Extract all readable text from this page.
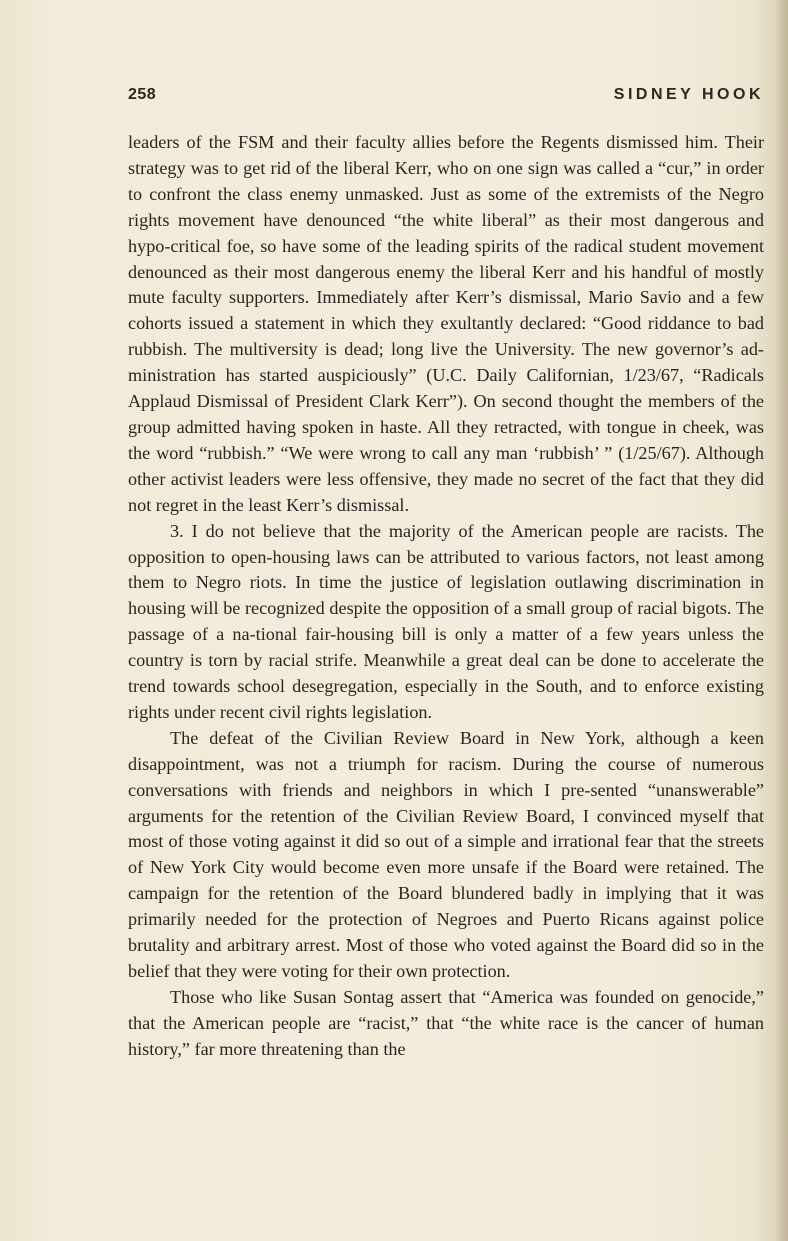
258	SIDNEY HOOK

leaders of the FSM and their faculty allies before the Regents dismissed him. Their strategy was to get rid of the liberal Kerr, who on one sign was called a “cur,” in order to confront the class enemy unmasked. Just as some of the extremists of the Negro rights movement have denounced “the white liberal” as their most dangerous and hypo-critical foe, so have some of the leading spirits of the radical student movement denounced as their most dangerous enemy the liberal Kerr and his handful of mostly mute faculty supporters. Immediately after Kerr’s dismissal, Mario Savio and a few cohorts issued a statement in which they exultantly declared: “Good riddance to bad rubbish. The multiversity is dead; long live the University. The new governor’s ad-ministration has started auspiciously” (U.C. Daily Californian, 1/23/67, “Radicals Applaud Dismissal of President Clark Kerr”). On second thought the members of the group admitted having spoken in haste. All they retracted, with tongue in cheek, was the word “rubbish.” “We were wrong to call any man ‘rubbish’ ” (1/25/67). Although other activist leaders were less offensive, they made no secret of the fact that they did not regret in the least Kerr’s dismissal.

3. I do not believe that the majority of the American people are racists. The opposition to open-housing laws can be attributed to various factors, not least among them to Negro riots. In time the justice of legislation outlawing discrimination in housing will be recognized despite the opposition of a small group of racial bigots. The passage of a na-tional fair-housing bill is only a matter of a few years unless the country is torn by racial strife. Meanwhile a great deal can be done to accelerate the trend towards school desegregation, especially in the South, and to enforce existing rights under recent civil rights legislation.

The defeat of the Civilian Review Board in New York, although a keen disappointment, was not a triumph for racism. During the course of numerous conversations with friends and neighbors in which I pre-sented “unanswerable” arguments for the retention of the Civilian Review Board, I convinced myself that most of those voting against it did so out of a simple and irrational fear that the streets of New York City would become even more unsafe if the Board were retained. The campaign for the retention of the Board blundered badly in implying that it was primarily needed for the protection of Negroes and Puerto Ricans against police brutality and arbitrary arrest. Most of those who voted against the Board did so in the belief that they were voting for their own protection.

Those who like Susan Sontag assert that “America was founded on genocide,” that the American people are “racist,” that “the white race is the cancer of human history,” far more threatening than the
